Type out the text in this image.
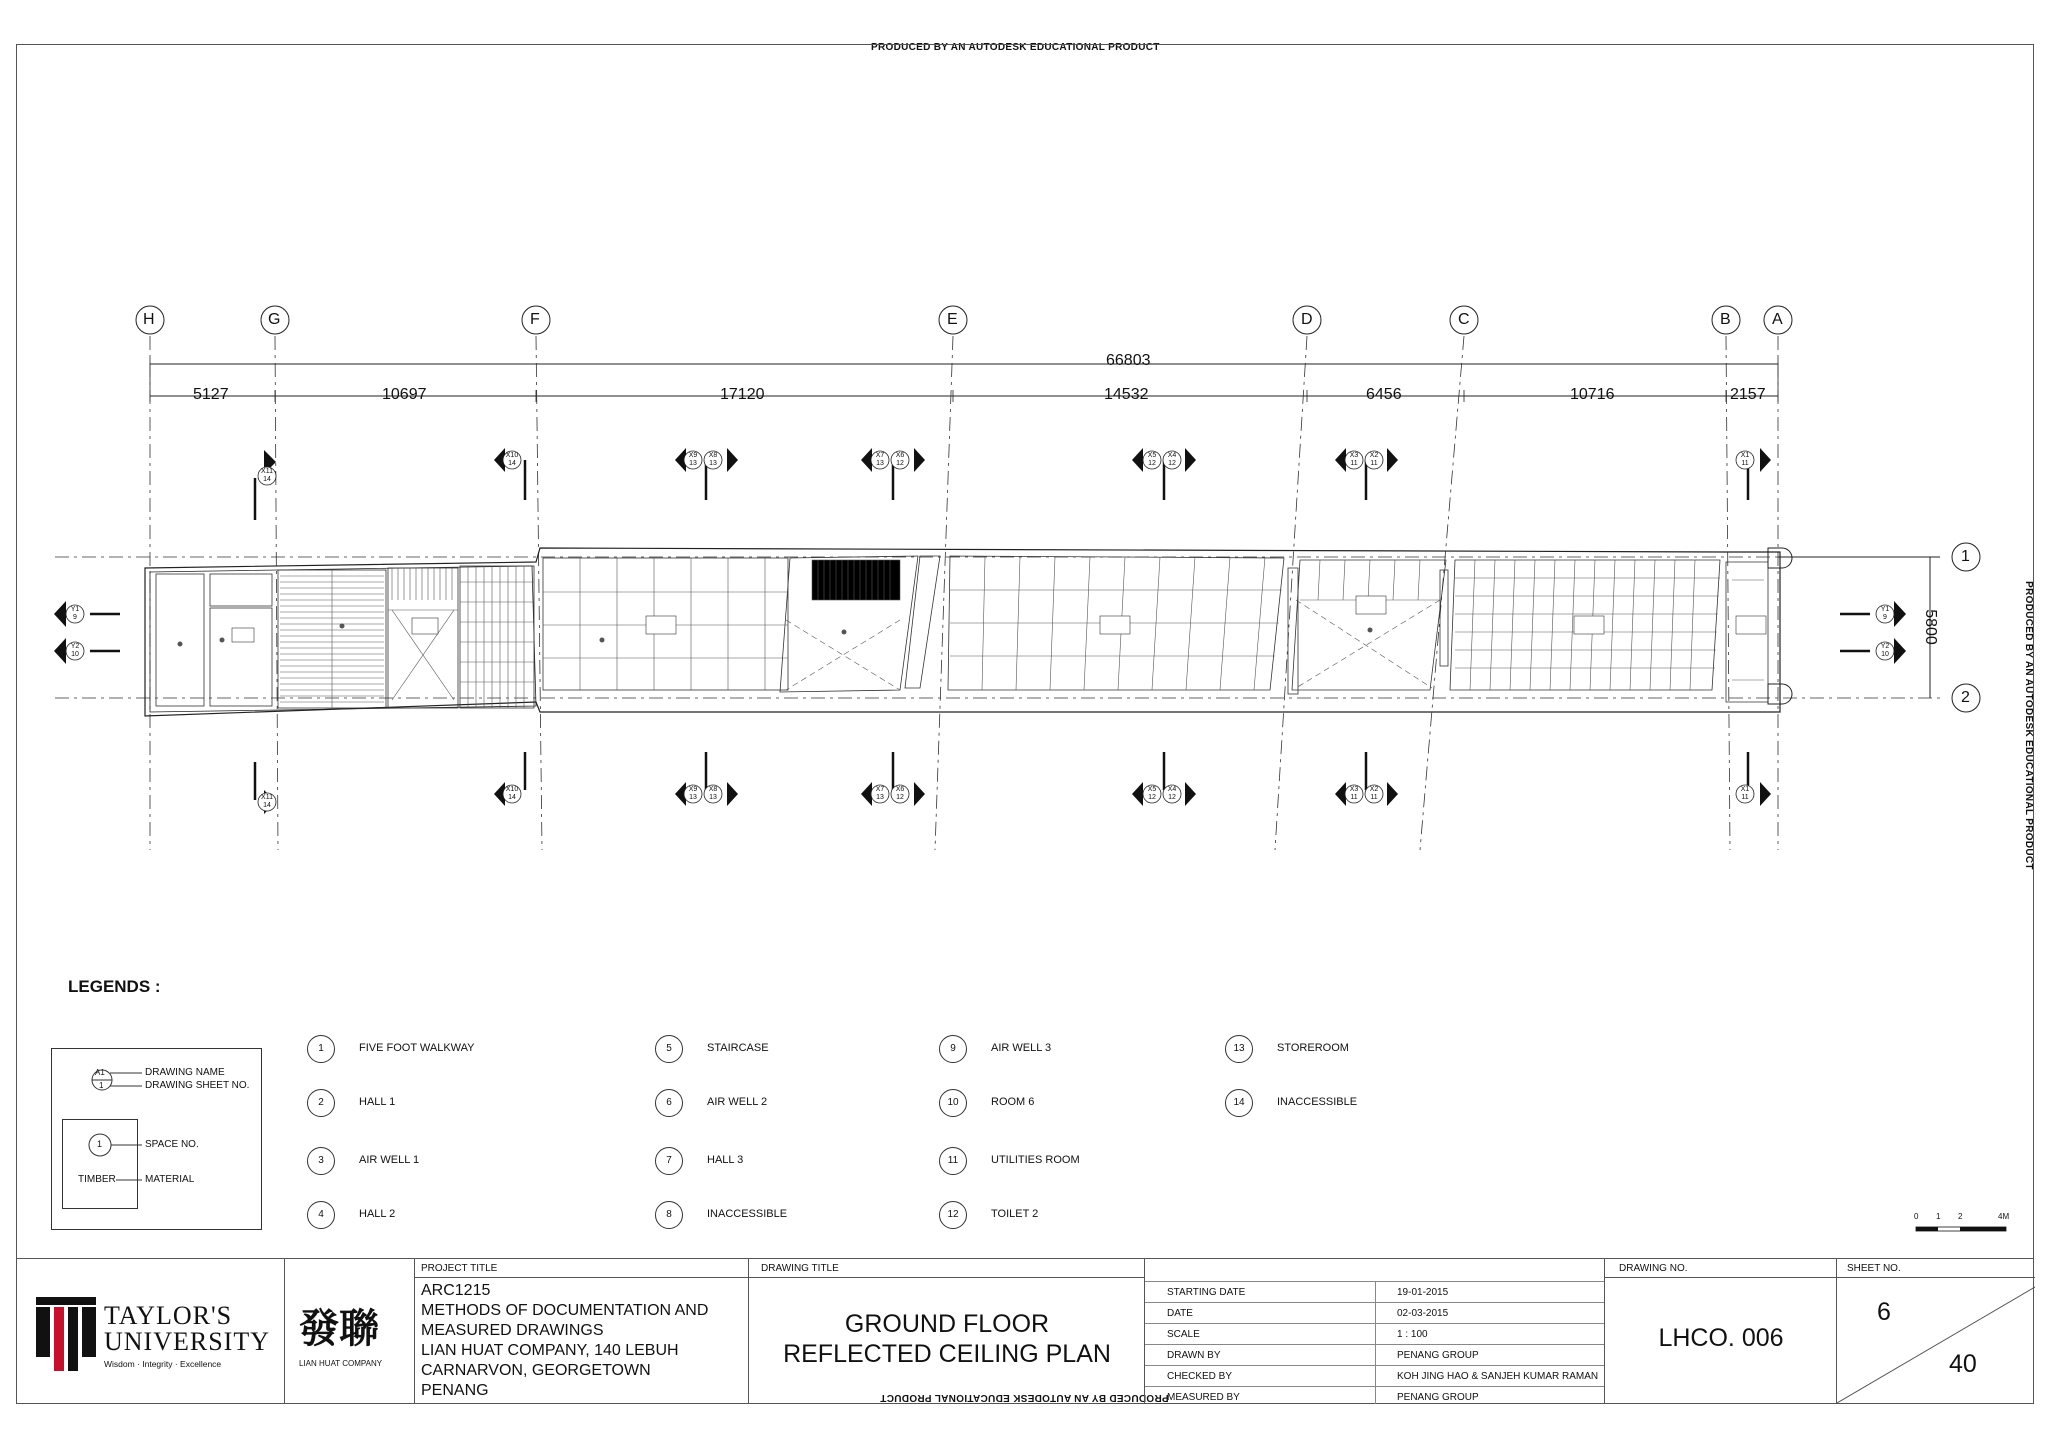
PRODUCED BY AN AUTODESK EDUCATIONAL PRODUCT
PRODUCED BY AN AUTODESK EDUCATIONAL PRODUCT
PRODUCED BY AN AUTODESK EDUCATIONAL PRODUCT
H	G	F	E	D	C	B	A
1
2
66803
5127	10697	17120	14532	6456	10716	2157
5800
X11
14
X10
14
X9
13
X8
13
X7
13
X6
12
X5
12
X4
12
X3
11
X2
11
X1
11
X11
14
X10
14
X9
13
X8
13
X7
13
X6
12
X5
12
X4
12
X3
11
X2
11
X1
11
Y1
9
Y2
10
Y1
9
Y2
10
LEGENDS :
A1
1
DRAWING NAME
DRAWING SHEET NO.
1	SPACE NO.
TIMBER	MATERIAL
1	FIVE FOOT WALKWAY
2	HALL 1
3	AIR WELL 1
4	HALL 2
5	STAIRCASE
6	AIR WELL 2
7	HALL 3
8	INACCESSIBLE
9	AIR WELL 3
10	ROOM 6
11	UTILITIES ROOM
12	TOILET 2
13	STOREROOM
14	INACCESSIBLE
0 1 2	4M
TAYLOR'S
UNIVERSITY
Wisdom · Integrity · Excellence
發聯
LIAN HUAT COMPANY
PROJECT TITLE
ARC1215
METHODS OF DOCUMENTATION AND
MEASURED DRAWINGS
LIAN HUAT COMPANY, 140 LEBUH
CARNARVON, GEORGETOWN
PENANG
DRAWING TITLE
GROUND FLOOR
REFLECTED CEILING PLAN
STARTING DATE	19-01-2015
DATE	02-03-2015
SCALE	1 : 100
DRAWN BY	PENANG GROUP
CHECKED BY	KOH JING HAO & SANJEH KUMAR RAMAN
MEASURED BY	PENANG GROUP
DRAWING NO.
LHCO. 006
SHEET NO.
6
40
